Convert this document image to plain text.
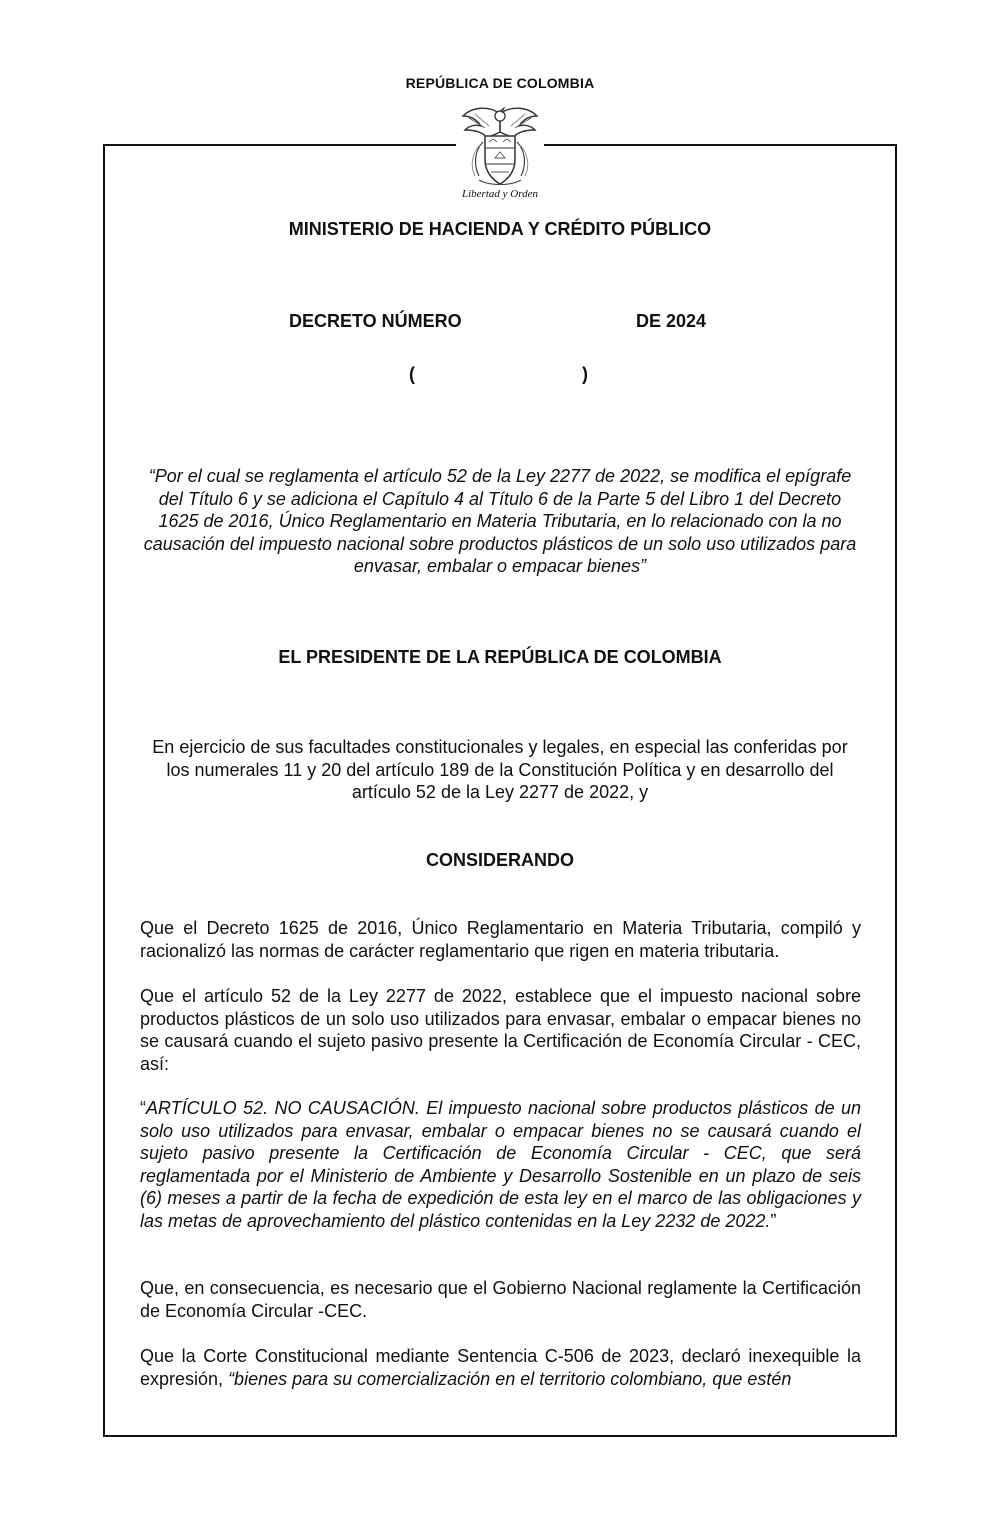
REPÚBLICA DE COLOMBIA
Libertad y Orden
MINISTERIO DE HACIENDA Y CRÉDITO PÚBLICO
DECRETO NÚMERO	DE 2024
(	)
“Por el cual se reglamenta el artículo 52 de la Ley 2277 de 2022, se modifica el epígrafe del Título 6 y se adiciona el Capítulo 4 al Título 6 de la Parte 5 del Libro 1 del Decreto 1625 de 2016, Único Reglamentario en Materia Tributaria, en lo relacionado con la no causación del impuesto nacional sobre productos plásticos de un solo uso utilizados para envasar, embalar o empacar bienes”
EL PRESIDENTE DE LA REPÚBLICA DE COLOMBIA
En ejercicio de sus facultades constitucionales y legales, en especial las conferidas por los numerales 11 y 20 del artículo 189 de la Constitución Política y en desarrollo del artículo 52 de la Ley 2277 de 2022, y
CONSIDERANDO
Que el Decreto 1625 de 2016, Único Reglamentario en Materia Tributaria, compiló y racionalizó las normas de carácter reglamentario que rigen en materia tributaria.
Que el artículo 52 de la Ley 2277 de 2022, establece que el impuesto nacional sobre productos plásticos de un solo uso utilizados para envasar, embalar o empacar bienes no se causará cuando el sujeto pasivo presente la Certificación de Economía Circular - CEC, así:
“ARTÍCULO 52. NO CAUSACIÓN. El impuesto nacional sobre productos plásticos de un solo uso utilizados para envasar, embalar o empacar bienes no se causará cuando el sujeto pasivo presente la Certificación de Economía Circular - CEC, que será reglamentada por el Ministerio de Ambiente y Desarrollo Sostenible en un plazo de seis (6) meses a partir de la fecha de expedición de esta ley en el marco de las obligaciones y las metas de aprovechamiento del plástico contenidas en la Ley 2232 de 2022.”
Que, en consecuencia, es necesario que el Gobierno Nacional reglamente la Certificación de Economía Circular -CEC.
Que la Corte Constitucional mediante Sentencia C-506 de 2023, declaró inexequible la expresión, “bienes para su comercialización en el territorio colombiano, que estén
